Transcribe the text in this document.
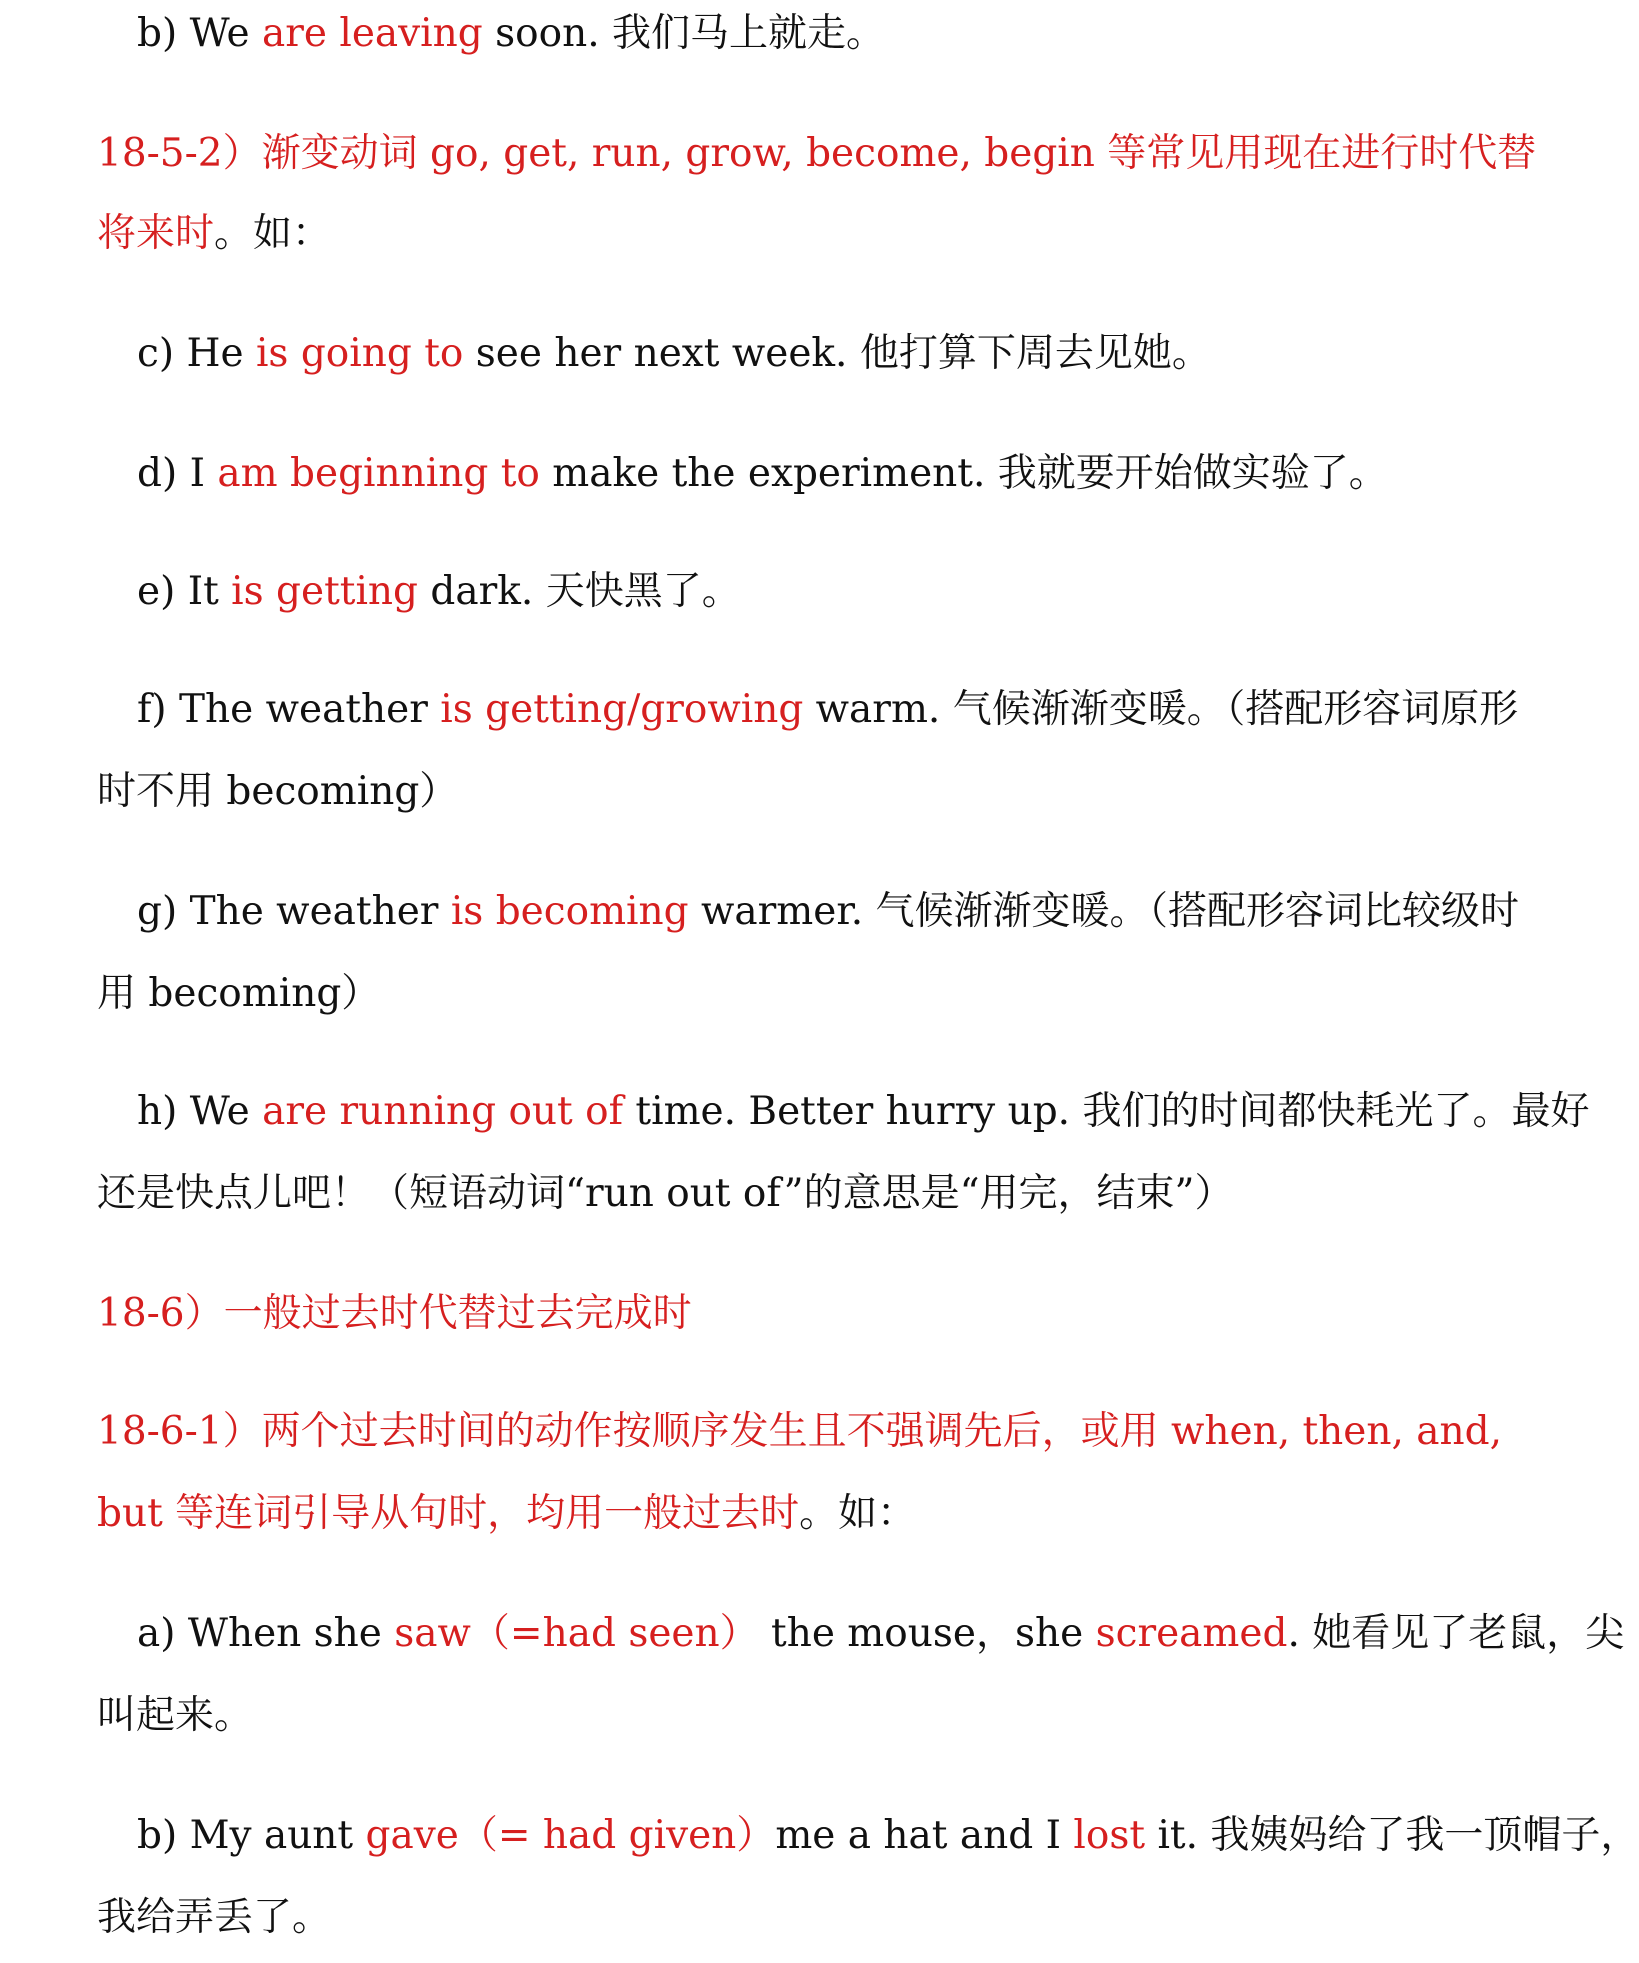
b) We are leaving soon. 我们马上就走。
18-5-2）渐变动词 go, get, run, grow, become, begin 等常见用现在进行时代替
将来时。如：
c) He is going to see her next week. 他打算下周去见她。
d) I am beginning to make the experiment. 我就要开始做实验了。
e) It is getting dark. 天快黑了。
f) The weather is getting/growing warm. 气候渐渐变暖。（搭配形容词原形
时不用 becoming）
g) The weather is becoming warmer. 气候渐渐变暖。（搭配形容词比较级时
用 becoming）
h) We are running out of time. Better hurry up. 我们的时间都快耗光了。最好
还是快点儿吧！（短语动词“run out of”的意思是“用完，结束”）
18-6）一般过去时代替过去完成时
18-6-1）两个过去时间的动作按顺序发生且不强调先后，或用 when, then, and,
but 等连词引导从句时，均用一般过去时。如：
a) When she saw（=had seen） the mouse，she screamed. 她看见了老鼠，尖
叫起来。
b) My aunt gave（= had given）me a hat and I lost it. 我姨妈给了我一顶帽子，
我给弄丢了。
